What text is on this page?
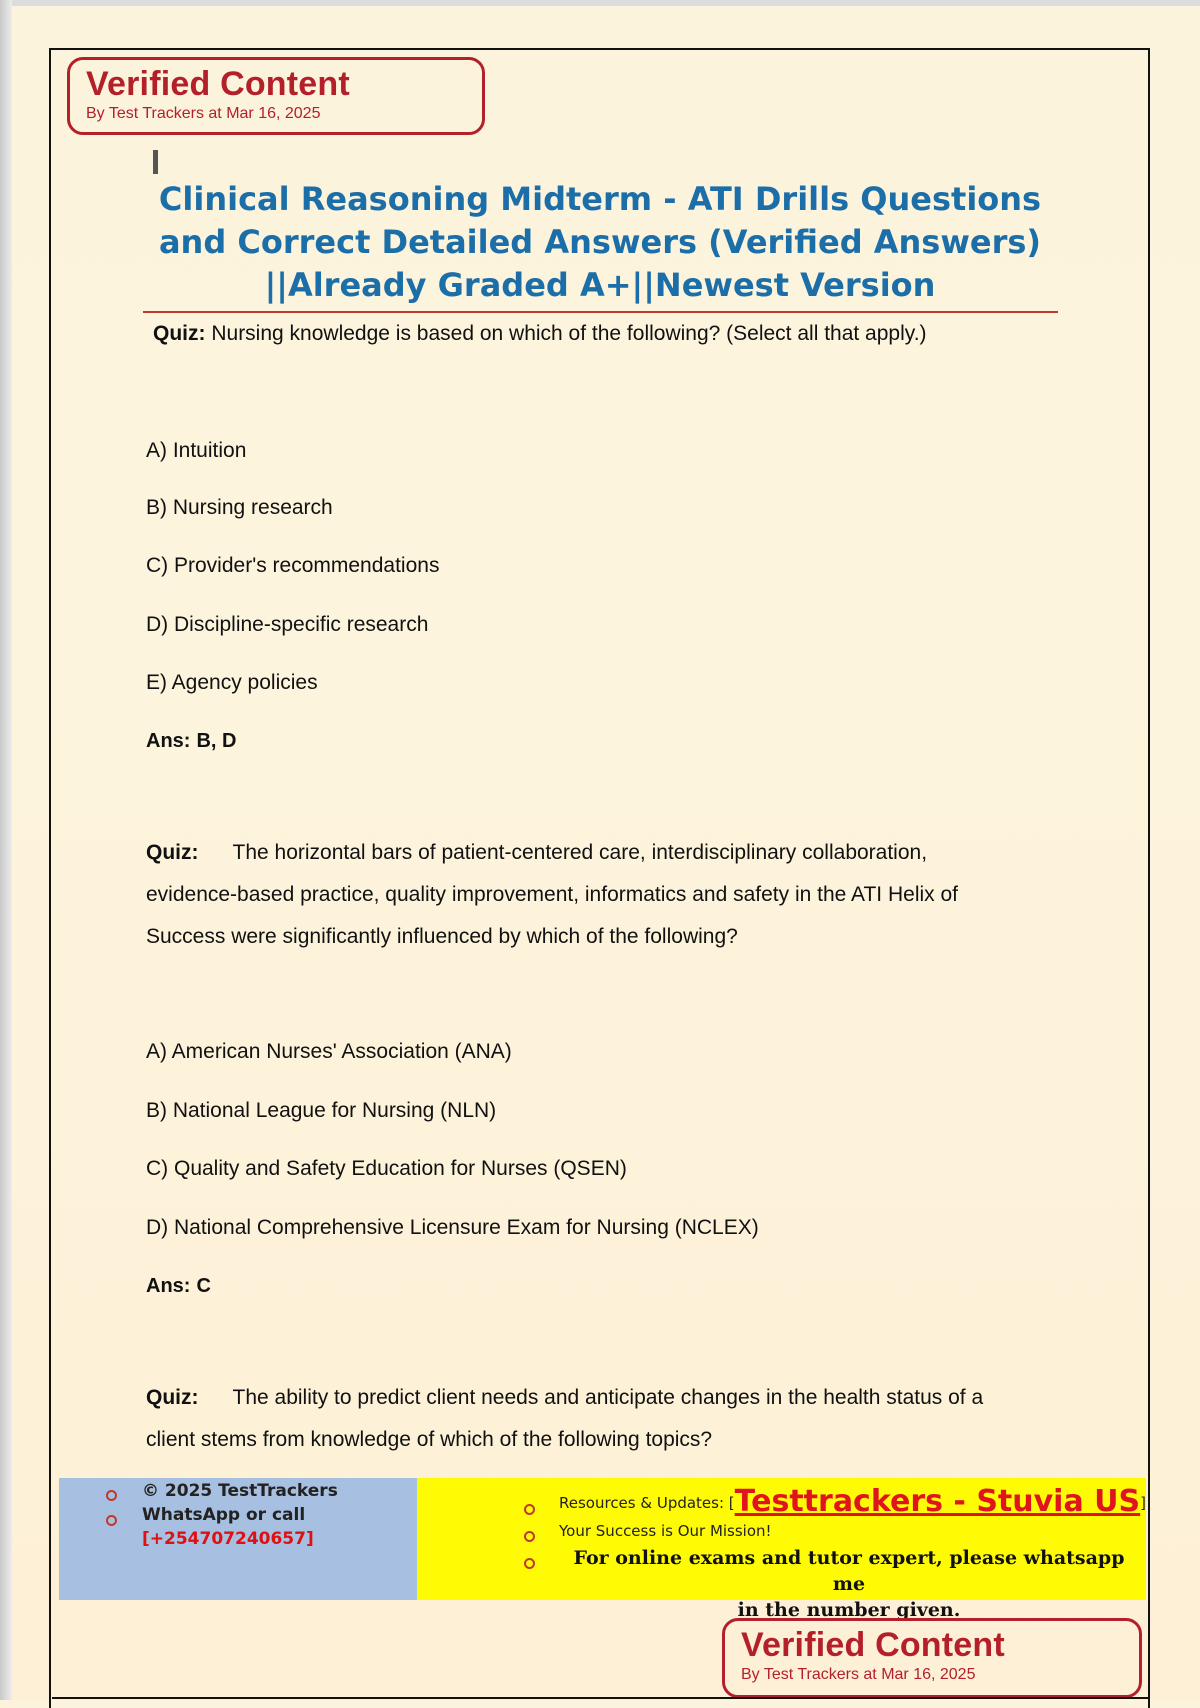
Verified Content
By Test Trackers at Mar 16, 2025
Clinical Reasoning Midterm - ATI Drills Questions
and Correct Detailed Answers (Verified Answers)
||Already Graded A+||Newest Version
Quiz: Nursing knowledge is based on which of the following? (Select all that apply.)
A) Intuition
B) Nursing research
C) Provider's recommendations
D) Discipline-specific research
E) Agency policies
Ans: B, D
Quiz: The horizontal bars of patient-centered care, interdisciplinary collaboration,
evidence-based practice, quality improvement, informatics and safety in the ATI Helix of
Success were significantly influenced by which of the following?
A) American Nurses' Association (ANA)
B) National League for Nursing (NLN)
C) Quality and Safety Education for Nurses (QSEN)
D) National Comprehensive Licensure Exam for Nursing (NCLEX)
Ans: C
Quiz: The ability to predict client needs and anticipate changes in the health status of a
client stems from knowledge of which of the following topics?
© 2025 TestTrackers
WhatsApp or call
[+254707240657]
Resources & Updates: [Testtrackers - Stuvia US]
Your Success is Our Mission!
For online exams and tutor expert, please whatsapp me
in the number given.
Verified Content
By Test Trackers at Mar 16, 2025
